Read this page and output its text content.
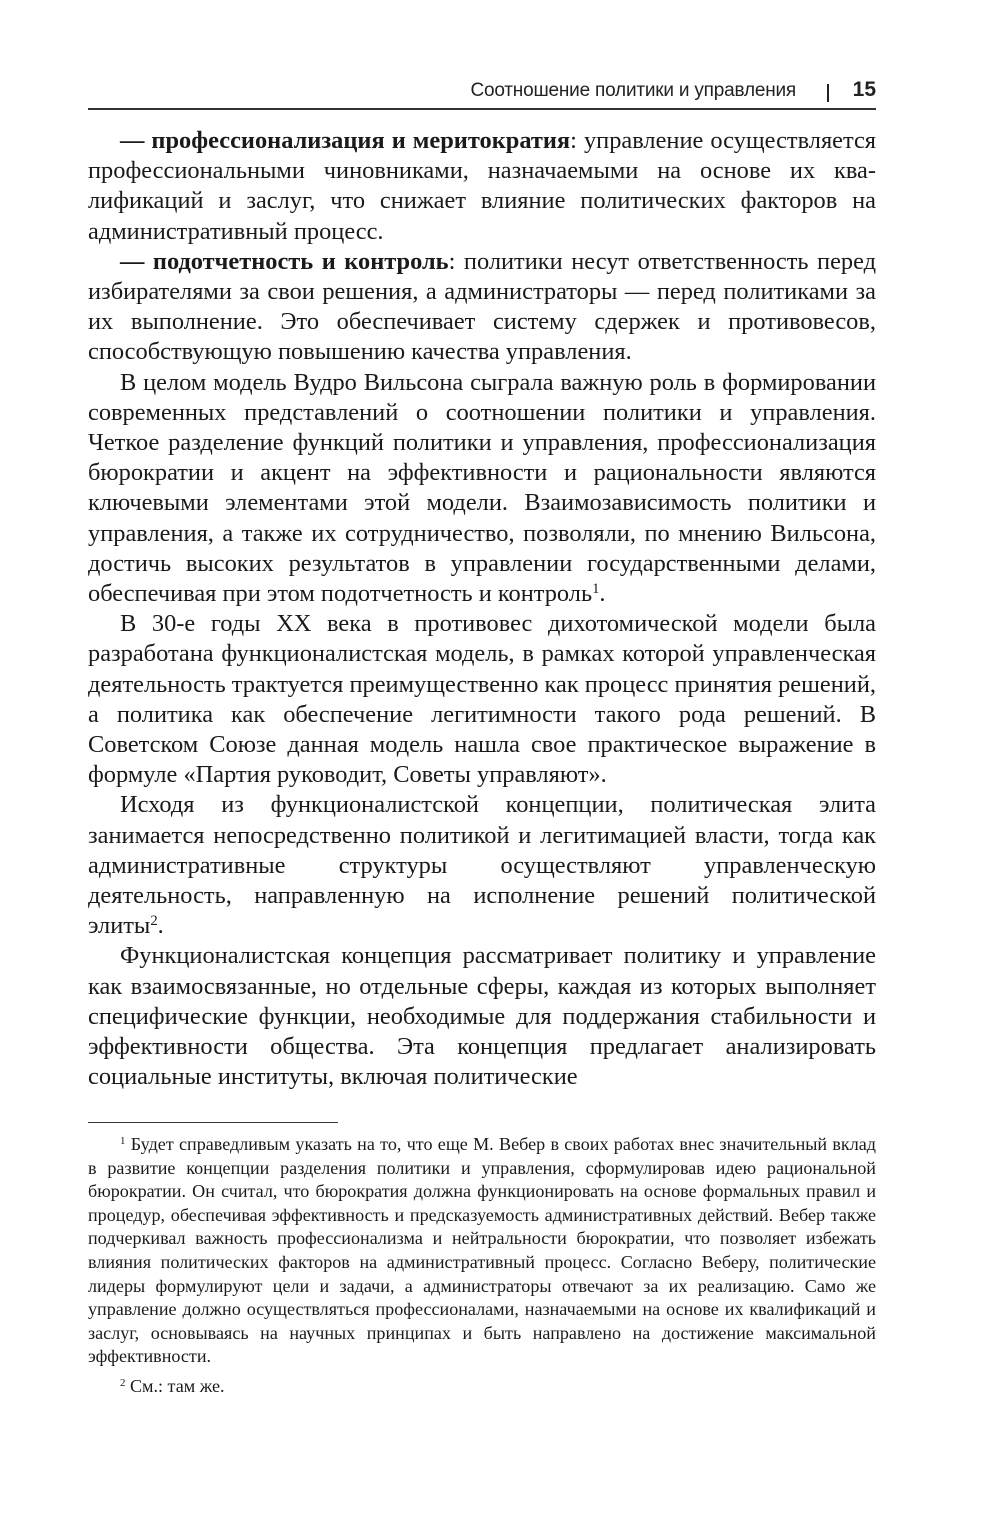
Соотношение политики и управления	15

— профессионализация и меритократия: управление осуществляется профессиональными чиновниками, назначаемыми на основе их квалификаций и заслуг, что снижает влияние политических факторов на административный процесс.

— подотчетность и контроль: политики несут ответственность перед избирателями за свои решения, а администраторы — перед политиками за их выполнение. Это обеспечивает систему сдержек и противовесов, способствующую повышению качества управления.

В целом модель Вудро Вильсона сыграла важную роль в формировании современных представлений о соотношении политики и управления. Четкое разделение функций политики и управления, профессионализация бюрократии и акцент на эффективности и рациональности являются ключевыми элементами этой модели. Взаимозависимость политики и управления, а также их сотрудничество, позволяли, по мнению Вильсона, достичь высоких результатов в управлении государственными делами, обеспечивая при этом подотчетность и контроль$^1$.

В 30-е годы XX века в противовес дихотомической модели была разработана функционалистская модель, в рамках которой управленческая деятельность трактуется преимущественно как процесс принятия решений, а политика как обеспечение легитимности такого рода решений. В Советском Союзе данная модель нашла свое практическое выражение в формуле «Партия руководит, Советы управляют».

Исходя из функционалистской концепции, политическая элита занимается непосредственно политикой и легитимацией власти, тогда как административные структуры осуществляют управленческую деятельность, направленную на исполнение решений политической элиты$^2$.

Функционалистская концепция рассматривает политику и управление как взаимосвязанные, но отдельные сферы, каждая из которых выполняет специфические функции, необходимые для поддержания стабильности и эффективности общества. Эта концепция предлагает анализировать социальные институты, включая политические

$^1$ Будет справедливым указать на то, что еще М. Вебер в своих работах внес значительный вклад в развитие концепции разделения политики и управления, сформулировав идею рациональной бюрократии. Он считал, что бюрократия должна функционировать на основе формальных правил и процедур, обеспечивая эффективность и предсказуемость административных действий. Вебер также подчеркивал важность профессионализма и нейтральности бюрократии, что позволяет избежать влияния политических факторов на административный процесс. Согласно Веберу, политические лидеры формулируют цели и задачи, а администраторы отвечают за их реализацию. Само же управление должно осуществляться профессионалами, назначаемыми на основе их квалификаций и заслуг, основываясь на научных принципах и быть направлено на достижение максимальной эффективности.

$^2$ См.: там же.
